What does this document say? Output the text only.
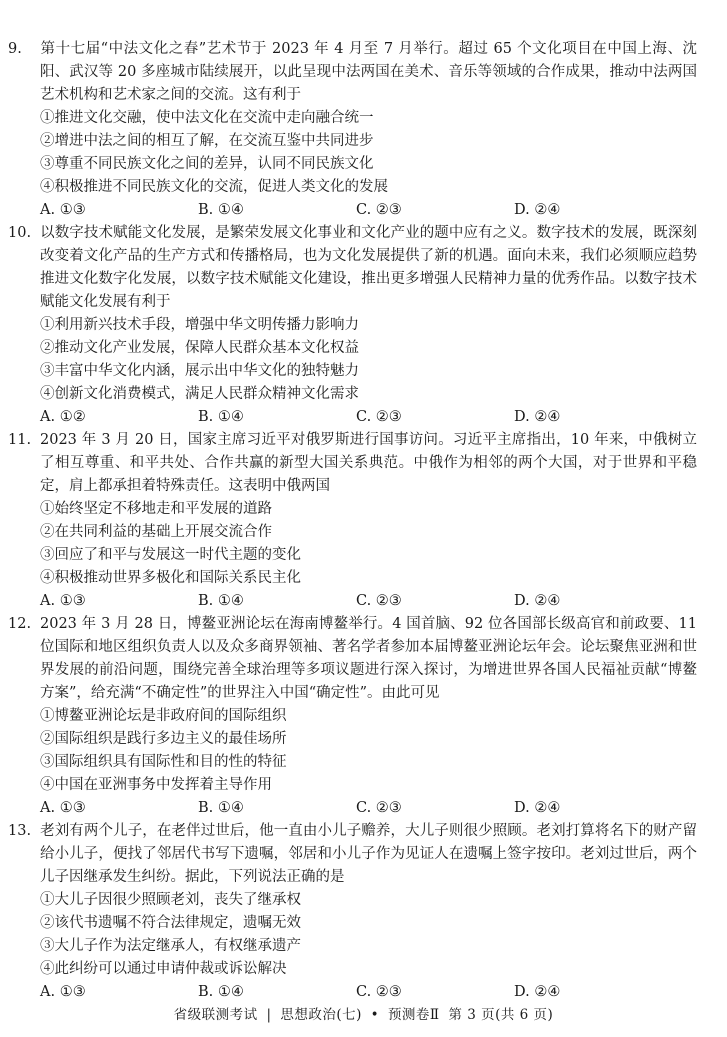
9. 第十七届“中法文化之春”艺术节于 2023 年 4 月至 7 月举行。超过 65 个文化项目在中国上海、沈阳、武汉等 20 多座城市陆续展开，以此呈现中法两国在美术、音乐等领域的合作成果，推动中法两国艺术机构和艺术家之间的交流。这有利于

①推进文化交融，使中法文化在交流中走向融合统一

②增进中法之间的相互了解，在交流互鉴中共同进步

③尊重不同民族文化之间的差异，认同不同民族文化

④积极推进不同民族文化的交流，促进人类文化的发展

A. ①③	B. ①④	C. ②③	D. ②④

10. 以数字技术赋能文化发展，是繁荣发展文化事业和文化产业的题中应有之义。数字技术的发展，既深刻改变着文化产品的生产方式和传播格局，也为文化发展提供了新的机遇。面向未来，我们必须顺应趋势推进文化数字化发展，以数字技术赋能文化建设，推出更多增强人民精神力量的优秀作品。以数字技术赋能文化发展有利于

①利用新兴技术手段，增强中华文明传播力影响力

②推动文化产业发展，保障人民群众基本文化权益

③丰富中华文化内涵，展示出中华文化的独特魅力

④创新文化消费模式，满足人民群众精神文化需求

A. ①②	B. ①④	C. ②③	D. ②④

11. 2023 年 3 月 20 日，国家主席习近平对俄罗斯进行国事访问。习近平主席指出，10 年来，中俄树立了相互尊重、和平共处、合作共赢的新型大国关系典范。中俄作为相邻的两个大国，对于世界和平稳定，肩上都承担着特殊责任。这表明中俄两国

①始终坚定不移地走和平发展的道路

②在共同利益的基础上开展交流合作

③回应了和平与发展这一时代主题的变化

④积极推动世界多极化和国际关系民主化

A. ①③	B. ①④	C. ②③	D. ②④

12. 2023 年 3 月 28 日，博鳌亚洲论坛在海南博鳌举行。4 国首脑、92 位各国部长级高官和前政要、11 位国际和地区组织负责人以及众多商界领袖、著名学者参加本届博鳌亚洲论坛年会。论坛聚焦亚洲和世界发展的前沿问题，围绕完善全球治理等多项议题进行深入探讨，为增进世界各国人民福祉贡献“博鳌方案”，给充满“不确定性”的世界注入中国“确定性”。由此可见

①博鳌亚洲论坛是非政府间的国际组织

②国际组织是践行多边主义的最佳场所

③国际组织具有国际性和目的性的特征

④中国在亚洲事务中发挥着主导作用

A. ①③	B. ①④	C. ②③	D. ②④

13. 老刘有两个儿子，在老伴过世后，他一直由小儿子赡养，大儿子则很少照顾。老刘打算将名下的财产留给小儿子，便找了邻居代书写下遗嘱，邻居和小儿子作为见证人在遗嘱上签字按印。老刘过世后，两个儿子因继承发生纠纷。据此，下列说法正确的是

①大儿子因很少照顾老刘，丧失了继承权

②该代书遗嘱不符合法律规定，遗嘱无效

③大儿子作为法定继承人，有权继承遗产

④此纠纷可以通过申请仲裁或诉讼解决

A. ①③	B. ①④	C. ②③	D. ②④
省级联测考试 | 思想政治(七) • 预测卷Ⅱ 第 3 页(共 6 页)
